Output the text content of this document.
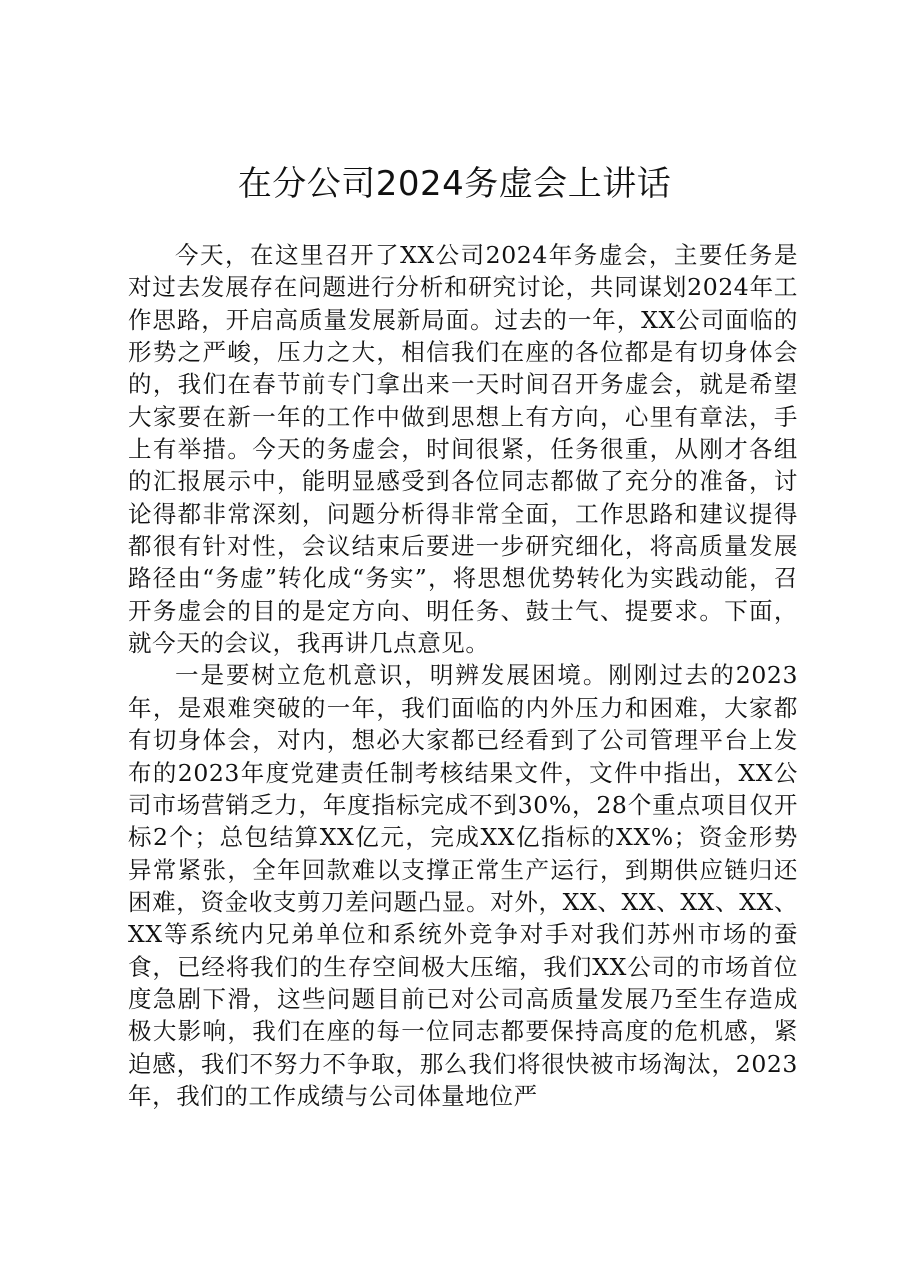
在分公司2024务虚会上讲话

今天，在这里召开了XX公司2024年务虚会，主要任务是对过去发展存在问题进行分析和研究讨论，共同谋划2024年工作思路，开启高质量发展新局面。过去的一年，XX公司面临的形势之严峻，压力之大，相信我们在座的各位都是有切身体会的，我们在春节前专门拿出来一天时间召开务虚会，就是希望大家要在新一年的工作中做到思想上有方向，心里有章法，手上有举措。今天的务虚会，时间很紧，任务很重，从刚才各组的汇报展示中，能明显感受到各位同志都做了充分的准备，讨论得都非常深刻，问题分析得非常全面，工作思路和建议提得都很有针对性，会议结束后要进一步研究细化，将高质量发展路径由“务虚”转化成“务实”，将思想优势转化为实践动能，召开务虚会的目的是定方向、明任务、鼓士气、提要求。下面，就今天的会议，我再讲几点意见。

一是要树立危机意识，明辨发展困境。刚刚过去的2023年，是艰难突破的一年，我们面临的内外压力和困难，大家都有切身体会，对内，想必大家都已经看到了公司管理平台上发布的2023年度党建责任制考核结果文件，文件中指出，XX公司市场营销乏力，年度指标完成不到30%，28个重点项目仅开标2个；总包结算XX亿元，完成XX亿指标的XX%；资金形势异常紧张，全年回款难以支撑正常生产运行，到期供应链归还困难，资金收支剪刀差问题凸显。对外，XX、XX、XX、XX、XX等系统内兄弟单位和系统外竞争对手对我们苏州市场的蚕食，已经将我们的生存空间极大压缩，我们XX公司的市场首位度急剧下滑，这些问题目前已对公司高质量发展乃至生存造成极大影响，我们在座的每一位同志都要保持高度的危机感，紧迫感，我们不努力不争取，那么我们将很快被市场淘汰，2023年，我们的工作成绩与公司体量地位严
